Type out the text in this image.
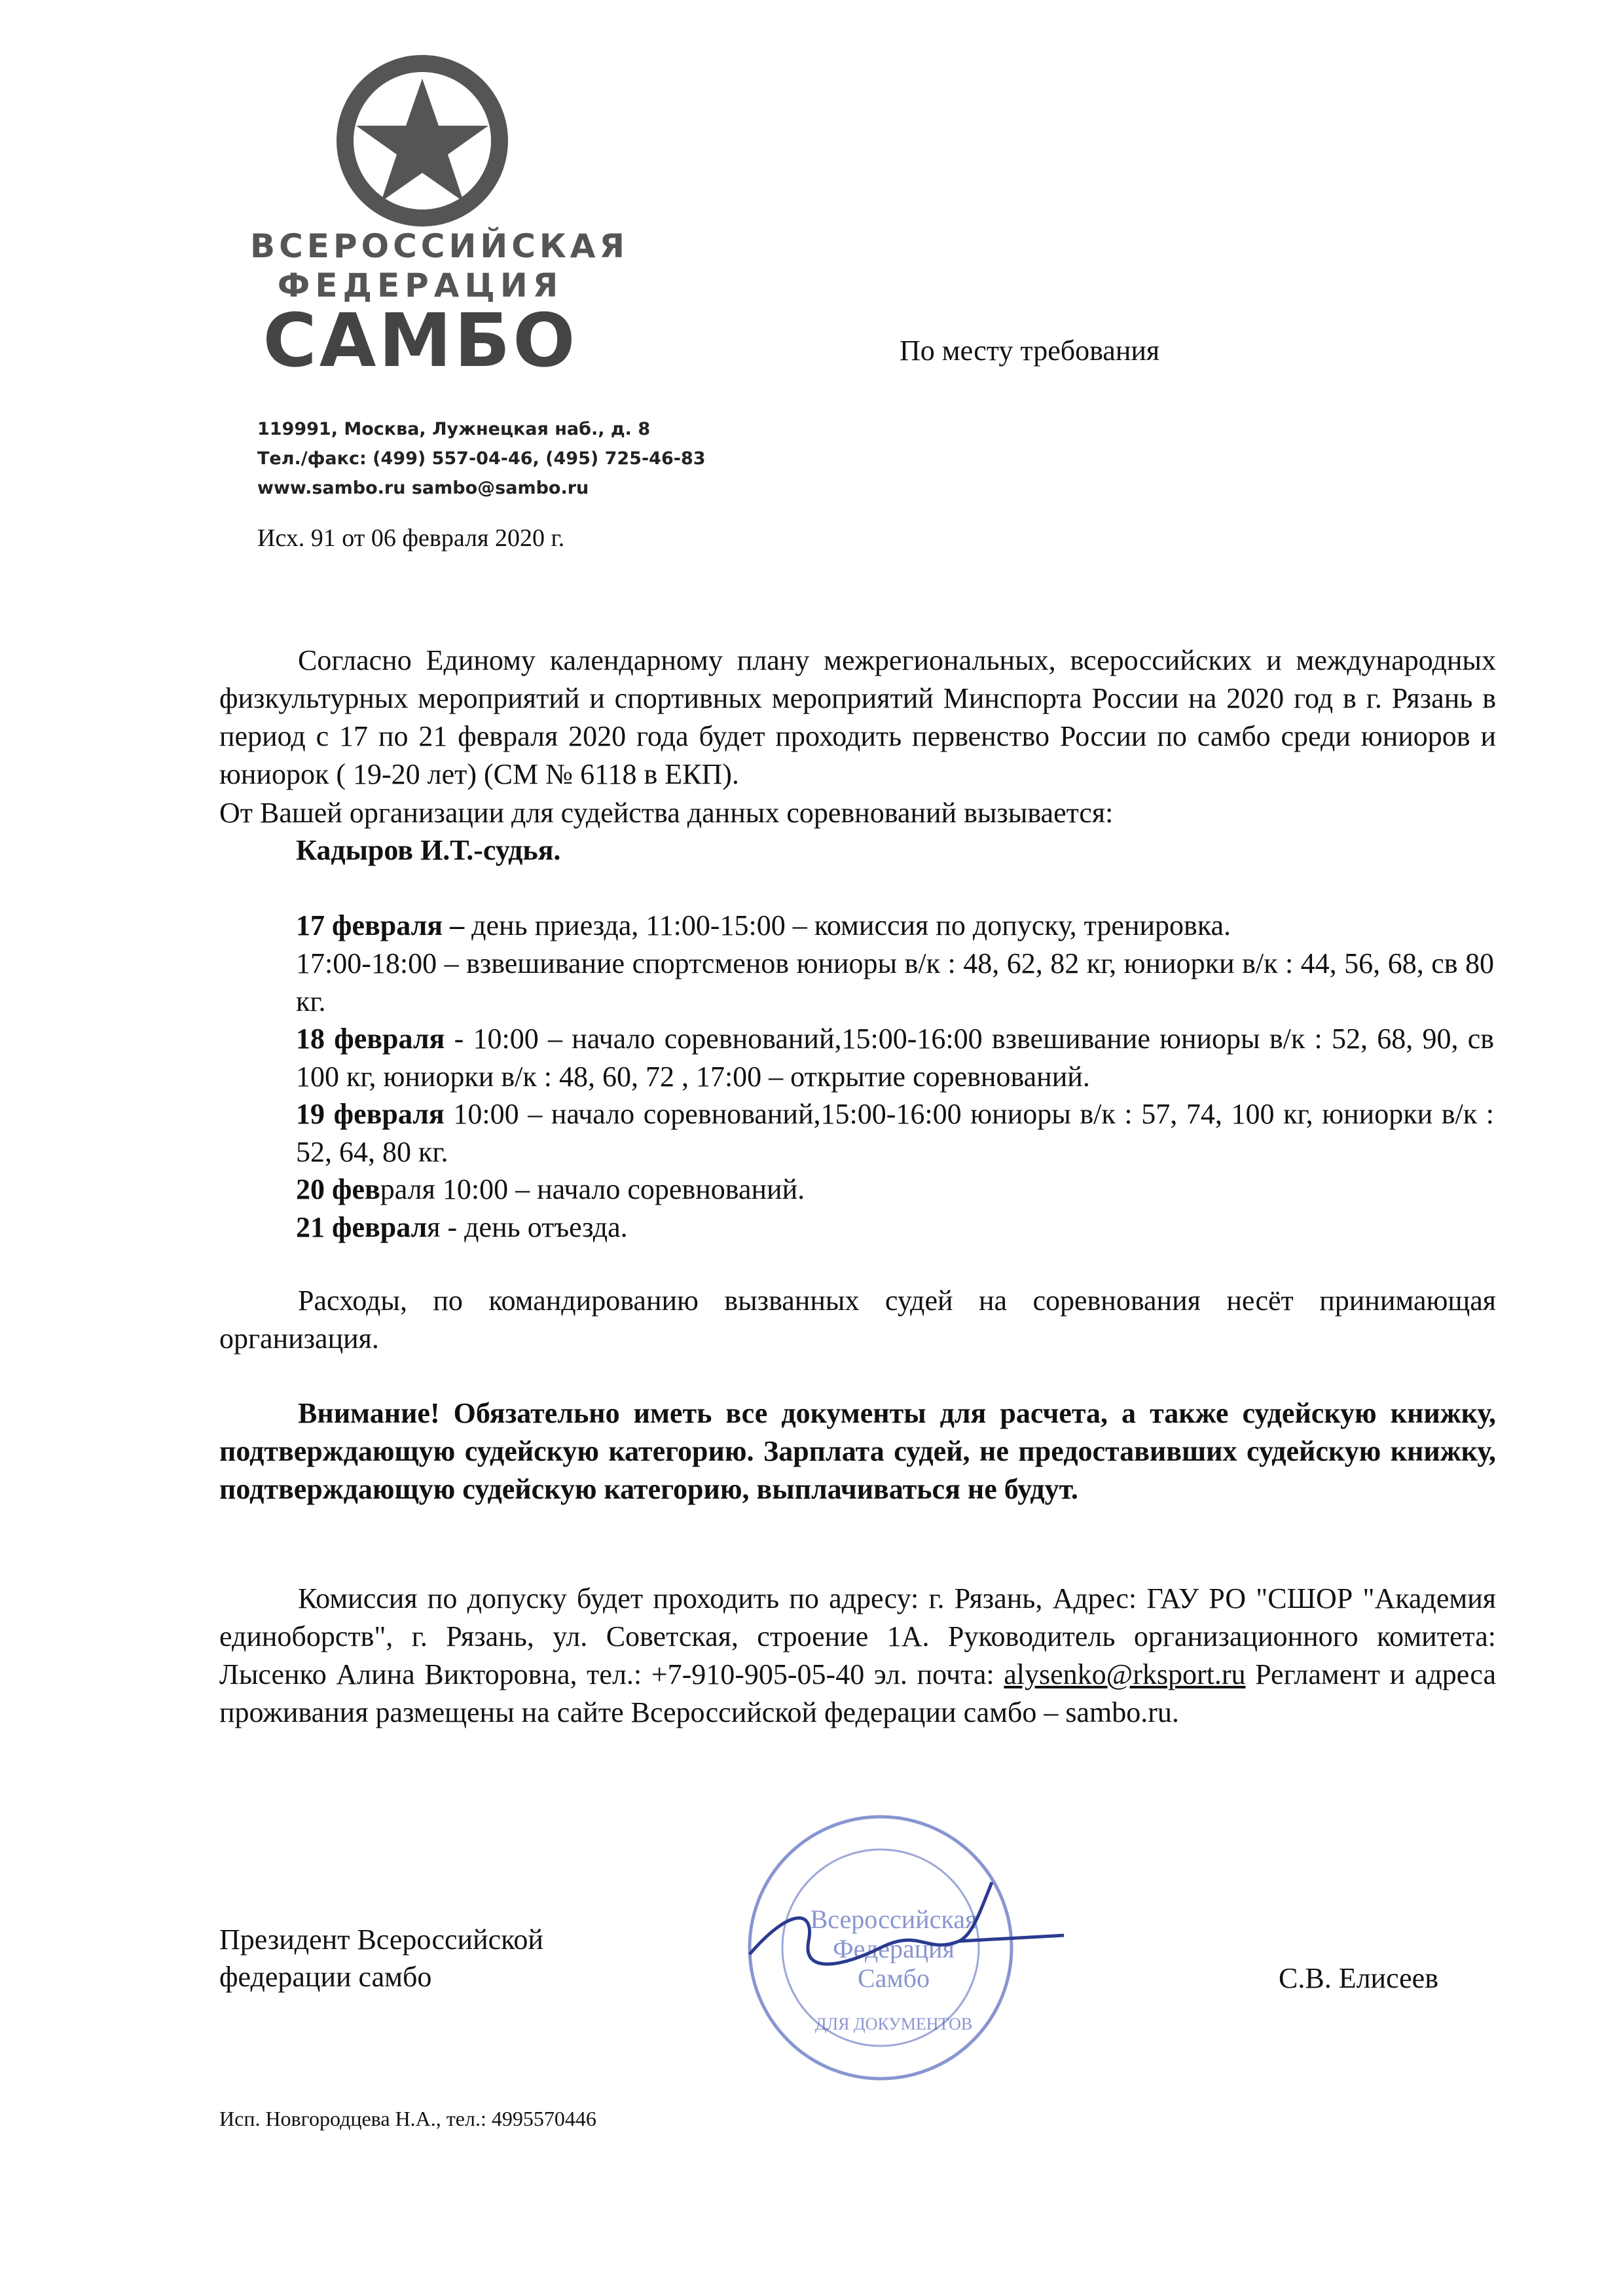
ВСЕРОССИЙСКАЯ
ФЕДЕРАЦИЯ
САМБО
119991, Москва, Лужнецкая наб., д. 8
Тел./факс: (499) 557-04-46, (495) 725-46-83
www.sambo.ru sambo@sambo.ru
По месту требования
Исх. 91 от 06 февраля 2020 г.
Согласно Единому календарному плану межрегиональных, всероссийских и международных физкультурных мероприятий и спортивных мероприятий Минспорта России на 2020 год в г. Рязань в период с 17 по 21 февраля 2020 года будет проходить первенство России по самбо среди юниоров и юниорок ( 19-20 лет) (СМ № 6118 в ЕКП).
От Вашей организации для судейства данных соревнований вызывается:
Кадыров И.Т.-судья.
17 февраля – день приезда, 11:00-15:00 – комиссия по допуску, тренировка.
17:00-18:00 – взвешивание спортсменов юниоры в/к : 48, 62, 82 кг, юниорки в/к : 44, 56, 68, св 80 кг.
18 февраля - 10:00 – начало соревнований,15:00-16:00 взвешивание юниоры в/к : 52, 68, 90, св 100 кг, юниорки в/к : 48, 60, 72 , 17:00 – открытие соревнований.
19 февраля 10:00 – начало соревнований,15:00-16:00 юниоры в/к : 57, 74, 100 кг, юниорки в/к : 52, 64, 80 кг.
20 февраля 10:00 – начало соревнований.
21 февраля - день отъезда.
Расходы, по командированию вызванных судей на соревнования несёт принимающая организация.
Внимание! Обязательно иметь все документы для расчета, а также судейскую книжку, подтверждающую судейскую категорию. Зарплата судей, не предоставивших судейскую книжку, подтверждающую судейскую категорию, выплачиваться не будут.
Комиссия по допуску будет проходить по адресу: г. Рязань, Адрес: ГАУ РО "СШОР "Академия единоборств", г. Рязань, ул. Советская, строение 1А. Руководитель организационного комитета: Лысенко Алина Викторовна, тел.: +7-910-905-05-40 эл. почта: alysenko@rksport.ru Регламент и адреса проживания размещены на сайте Всероссийской федерации самбо – sambo.ru.
Всероссийская
Федерация
Самбо
ДЛЯ ДОКУМЕНТОВ
Президент Всероссийской
федерации самбо	С.В. Елисеев
Исп. Новгородцева Н.А., тел.: 4995570446
